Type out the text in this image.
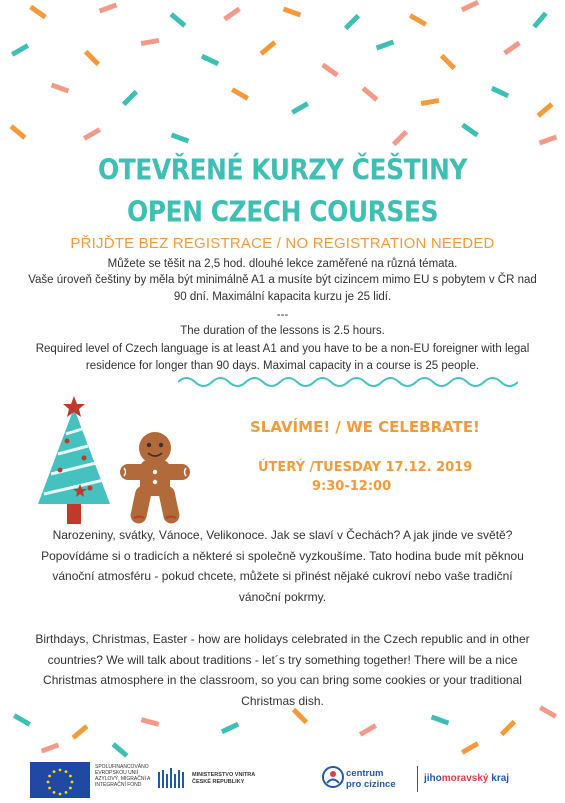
OTEVŘENÉ KURZY ČEŠTINY
OPEN CZECH COURSES
PŘIJĎTE BEZ REGISTRACE / NO REGISTRATION NEEDED
Můžete se těšit na 2,5 hod. dlouhé lekce zaměřené na různá témata.
Vaše úroveň češtiny by měla být minimálně A1 a musíte být cizincem mimo EU s pobytem v ČR nad
90 dní. Maximální kapacita kurzu je 25 lidí.
---
The duration of the lessons is 2.5 hours.
Required level of Czech language is at least A1 and you have to be a non-EU foreigner with legal
residence for longer than 90 days. Maximal capacity in a course is 25 people.
SLAVÍME! / WE CELEBRATE!
ÚTERÝ /TUESDAY 17.12. 2019
9:30-12:00
Narozeniny, svátky, Vánoce, Velikonoce. Jak se slaví v Čechách? A jak jinde ve světě? Popovídáme si o tradicích a některé si společně vyzkoušíme. Tato hodina bude mít pěknou vánoční atmosféru - pokud chcete, můžete si přinést nějaké cukroví nebo vaše tradiční vánoční pokrmy.
Birthdays, Christmas, Easter - how are holidays celebrated in the Czech republic and in other countries? We will talk about traditions - let´s try something together! There will be a nice Christmas atmosphere in the classroom, so you can bring some cookies or your traditional Christmas dish.
SPOLUFINANCOVÁNO EVROPSKOU UNIÍ AZYLOVÝ, MIGRAČNÍ A INTEGRAČNÍ FOND
MINISTERSTVO VNITRA
ČESKÉ REPUBLIKY
centrum
pro cizince
jihomoravský kraj
